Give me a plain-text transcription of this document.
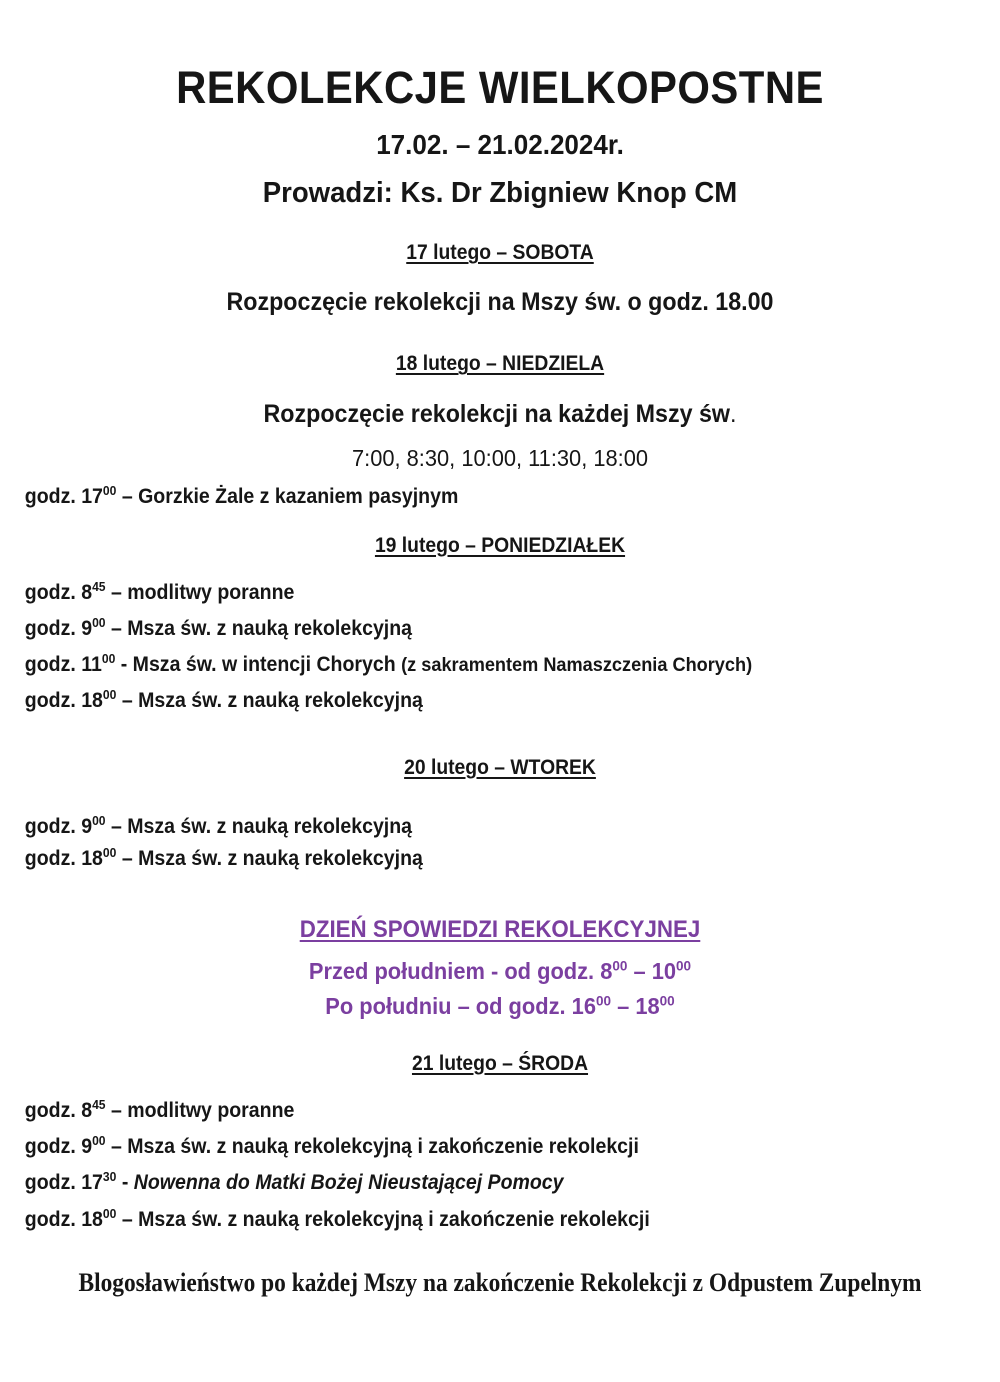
REKOLEKCJE WIELKOPOSTNE

17.02. – 21.02.2024r.

Prowadzi: Ks. Dr Zbigniew Knop CM

17 lutego – SOBOTA

Rozpoczęcie rekolekcji na Mszy św. o godz. 18.00

18 lutego – NIEDZIELA

Rozpoczęcie rekolekcji na każdej Mszy św.

7:00, 8:30, 10:00, 11:30, 18:00

godz. $17^{00}$ – Gorzkie Żale z kazaniem pasyjnym

19 lutego – PONIEDZIAŁEK

godz. $8^{45}$ – modlitwy poranne

godz. $9^{00}$ – Msza św. z nauką rekolekcyjną

godz. $11^{00}$ - Msza św. w intencji Chorych (z sakramentem Namaszczenia Chorych)

godz. $18^{00}$ – Msza św. z nauką rekolekcyjną

20 lutego – WTOREK

godz. $9^{00}$ – Msza św. z nauką rekolekcyjną

godz. $18^{00}$ – Msza św. z nauką rekolekcyjną

DZIEŃ SPOWIEDZI REKOLEKCYJNEJ

Przed południem - od godz. $8^{00} - 10^{00}$

Po południu – od godz. $16^{00} - 18^{00}$

21 lutego – ŚRODA

godz. $8^{45}$ – modlitwy poranne

godz. $9^{00}$ – Msza św. z nauką rekolekcyjną i zakończenie rekolekcji

godz. $17^{30}$ - Nowenna do Matki Bożej Nieustającej Pomocy

godz. $18^{00}$ – Msza św. z nauką rekolekcyjną i zakończenie rekolekcji

Blogosławieństwo po każdej Mszy na zakończenie Rekolekcji z Odpustem Zupelnym
